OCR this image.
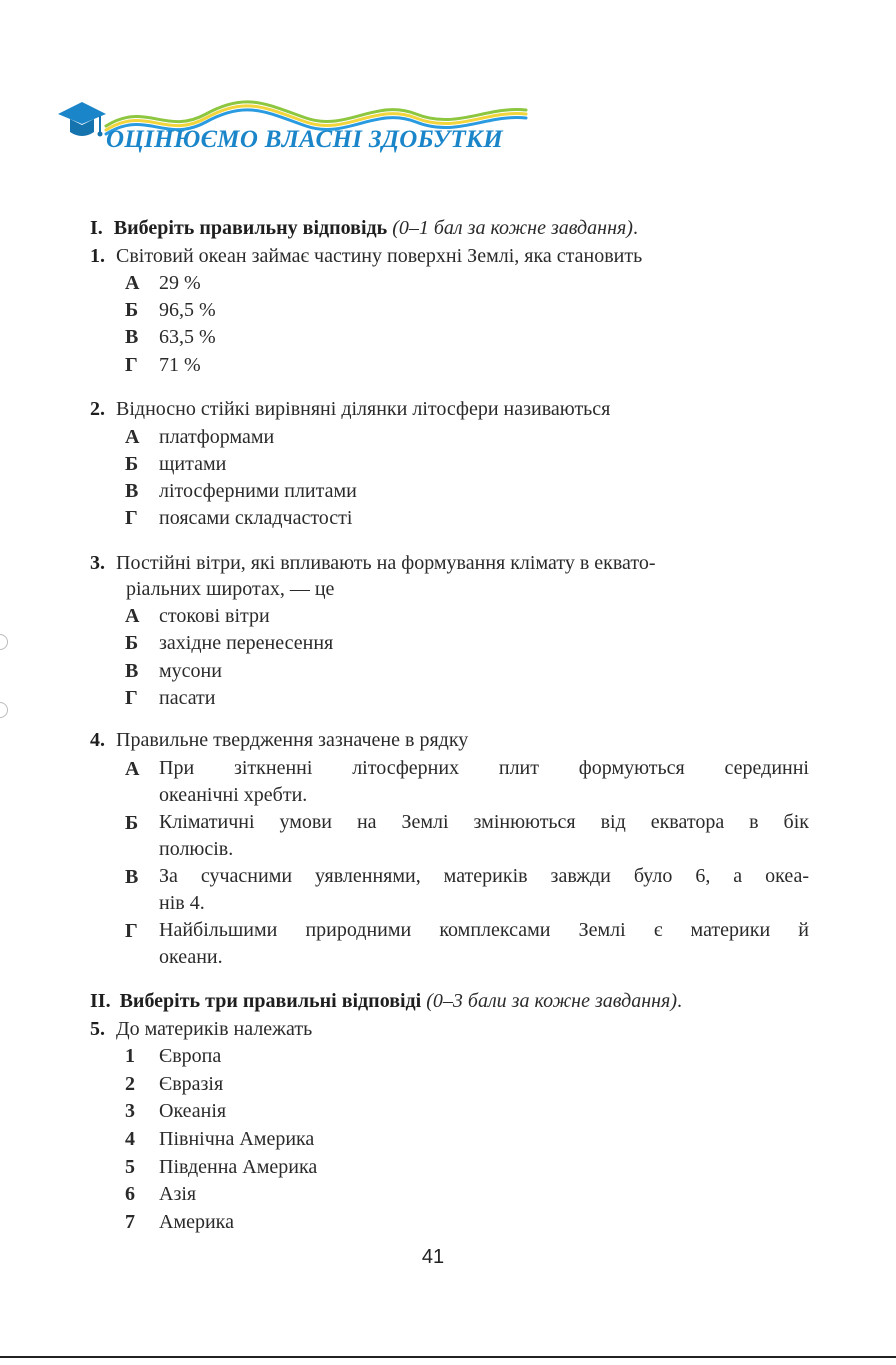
ОЦІНЮЄМО ВЛАСНІ ЗДОБУТКИ
I. Виберіть правильну відповідь (0–1 бал за кожне завдання).
1. Світовий океан займає частину поверхні Землі, яка становить
А 29 %
Б 96,5 %
В 63,5 %
Г 71 %
2. Відносно стійкі вирівняні ділянки літосфери називаються
А платформами
Б щитами
В літосферними плитами
Г поясами складчастості
3. Постійні вітри, які впливають на формування клімату в еквато-
ріальних широтах, — це
А стокові вітри
Б західне перенесення
В мусони
Г пасати
4. Правильне твердження зазначене в рядку
А При зіткненні літосферних плит формуються серединні
океанічні хребти.
Б Кліматичні умови на Землі змінюються від екватора в бік
полюсів.
В За сучасними уявленнями, материків завжди було 6, а океа-
нів 4.
Г Найбільшими природними комплексами Землі є материки й
океани.
II. Виберіть три правильні відповіді (0–3 бали за кожне завдання).
5. До материків належать
1 Європа
2 Євразія
3 Океанія
4 Північна Америка
5 Південна Америка
6 Азія
7 Америка
41
